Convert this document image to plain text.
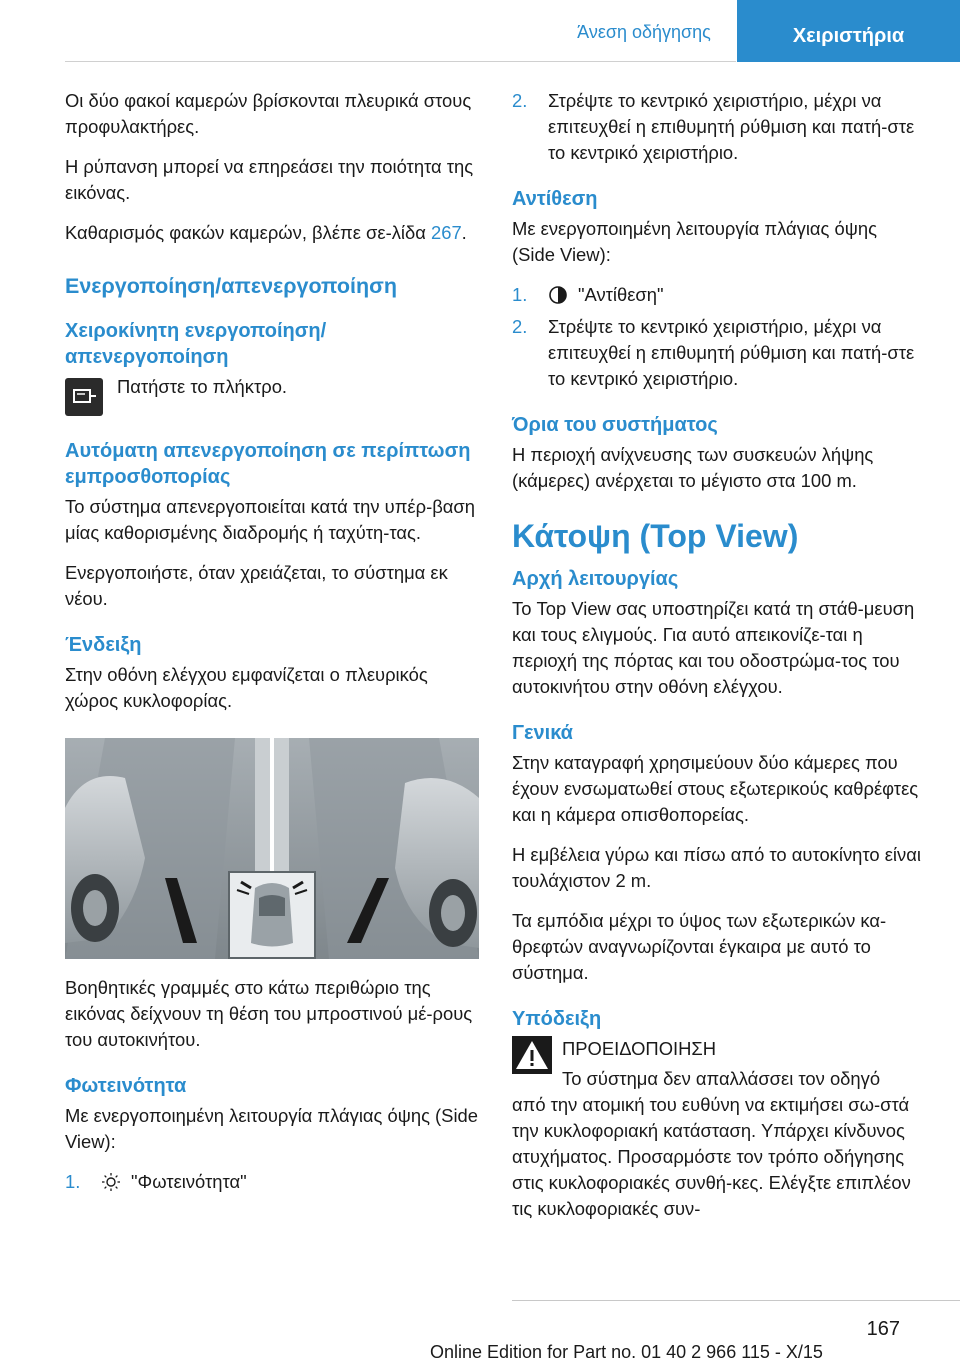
Άνεση οδήγησης	Χειριστήρια

Οι δύο φακοί καμερών βρίσκονται πλευρικά στους προφυλακτήρες.

Η ρύπανση μπορεί να επηρεάσει την ποιότητα της εικόνας.

Καθαρισμός φακών καμερών, βλέπε σε-λίδα 267.

Ενεργοποίηση/απενεργοποίηση
Χειροκίνητη ενεργοποίηση/απενεργοποίηση

Πατήστε το πλήκτρο.

Αυτόματη απενεργοποίηση σε περίπτωση εμπροσθοπορίας

Το σύστημα απενεργοποιείται κατά την υπέρ-βαση μίας καθορισμένης διαδρομής ή ταχύτη-τας.

Ενεργοποιήστε, όταν χρειάζεται, το σύστημα εκ νέου.

Ένδειξη

Στην οθόνη ελέγχου εμφανίζεται ο πλευρικός χώρος κυκλοφορίας.

Βοηθητικές γραμμές στο κάτω περιθώριο της εικόνας δείχνουν τη θέση του μπροστινού μέ-ρους του αυτοκινήτου.

Φωτεινότητα

Με ενεργοποιημένη λειτουργία πλάγιας όψης (Side View):

1.	"Φωτεινότητα"
2. Στρέψτε το κεντρικό χειριστήριο, μέχρι να επιτευχθεί η επιθυμητή ρύθμιση και πατή-στε το κεντρικό χειριστήριο.
Αντίθεση

Με ενεργοποιημένη λειτουργία πλάγιας όψης (Side View):

1.	"Αντίθεση"
2. Στρέψτε το κεντρικό χειριστήριο, μέχρι να επιτευχθεί η επιθυμητή ρύθμιση και πατή-στε το κεντρικό χειριστήριο.
Όρια του συστήματος

Η περιοχή ανίχνευσης των συσκευών λήψης (κάμερες) ανέρχεται το μέγιστο στα 100 m.

Κάτοψη (Top View)
Αρχή λειτουργίας

Το Top View σας υποστηρίζει κατά τη στάθ-μευση και τους ελιγμούς. Για αυτό απεικονίζε-ται η περιοχή της πόρτας και του οδοστρώμα-τος του αυτοκινήτου στην οθόνη ελέγχου.

Γενικά

Στην καταγραφή χρησιμεύουν δύο κάμερες που έχουν ενσωματωθεί στους εξωτερικούς καθρέφτες και η κάμερα οπισθοπορείας.

Η εμβέλεια γύρω και πίσω από το αυτοκίνητο είναι τουλάχιστον 2 m.

Τα εμπόδια μέχρι το ύψος των εξωτερικών κα-θρεφτών αναγνωρίζονται έγκαιρα με αυτό το σύστημα.

Υπόδειξη

ΠΡΟΕΙΔΟΠΟΙΗΣΗ

Το σύστημα δεν απαλλάσσει τον οδηγό

από την ατομική του ευθύνη να εκτιμήσει σω-στά την κυκλοφοριακή κατάσταση. Υπάρχει κίνδυνος ατυχήματος. Προσαρμόστε τον τρόπο οδήγησης στις κυκλοφοριακές συνθή-κες. Ελέγξτε επιπλέον τις κυκλοφοριακές συν-

167
Online Edition for Part no. 01 40 2 966 115 - X/15
